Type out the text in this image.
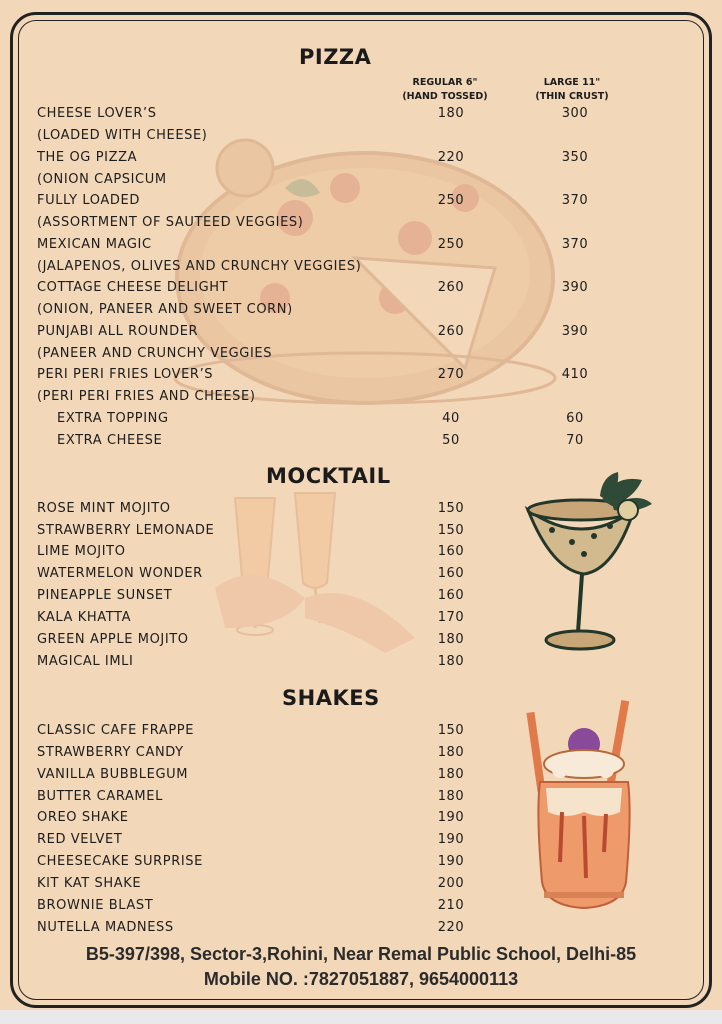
PIZZA
REGULAR 6"
(HAND TOSSED)
LARGE 11"
(THIN CRUST)
CHEESE LOVER’S	180	300
(LOADED WITH CHEESE)
THE OG PIZZA	220	350
(ONION CAPSICUM
FULLY LOADED	250	370
(ASSORTMENT OF SAUTEED VEGGIES)
MEXICAN MAGIC	250	370
(JALAPENOS, OLIVES AND CRUNCHY VEGGIES)
COTTAGE CHEESE DELIGHT	260	390
(ONION, PANEER AND SWEET CORN)
PUNJABI ALL ROUNDER	260	390
(PANEER AND CRUNCHY VEGGIES
PERI PERI FRIES LOVER’S	270	410
(PERI PERI FRIES AND CHEESE)
EXTRA TOPPING	40	60
EXTRA CHEESE	50	70
MOCKTAIL
ROSE MINT MOJITO	150
STRAWBERRY LEMONADE	150
LIME MOJITO	160
WATERMELON WONDER	160
PINEAPPLE SUNSET	160
KALA KHATTA	170
GREEN APPLE MOJITO	180
MAGICAL IMLI	180
SHAKES
CLASSIC CAFE FRAPPE	150
STRAWBERRY CANDY	180
VANILLA BUBBLEGUM	180
BUTTER CARAMEL	180
OREO SHAKE	190
RED VELVET	190
CHEESECAKE SURPRISE	190
KIT KAT SHAKE	200
BROWNIE BLAST	210
NUTELLA MADNESS	220
B5-397/398, Sector-3,Rohini, Near Remal Public School, Delhi-85
Mobile NO. :7827051887, 9654000113
